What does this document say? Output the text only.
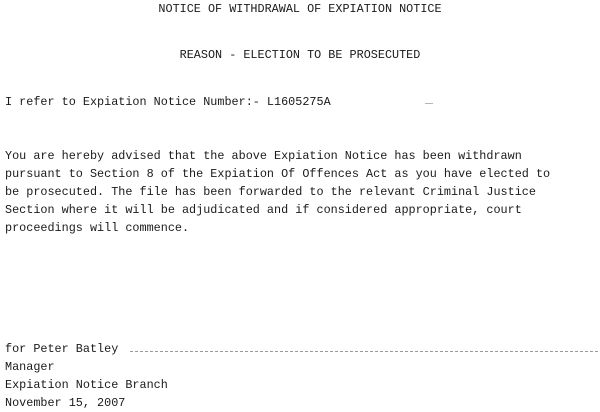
NOTICE OF WITHDRAWAL OF EXPIATION NOTICE
REASON - ELECTION TO BE PROSECUTED
I refer to Expiation Notice Number:- L1605275A
You are hereby advised that the above Expiation Notice has been withdrawn
pursuant to Section 8 of the Expiation Of Offences Act as you have elected to
be prosecuted. The file has been forwarded to the relevant Criminal Justice
Section where it will be adjudicated and if considered appropriate, court
proceedings will commence.
for Peter Batley
Manager
Expiation Notice Branch
November 15, 2007
